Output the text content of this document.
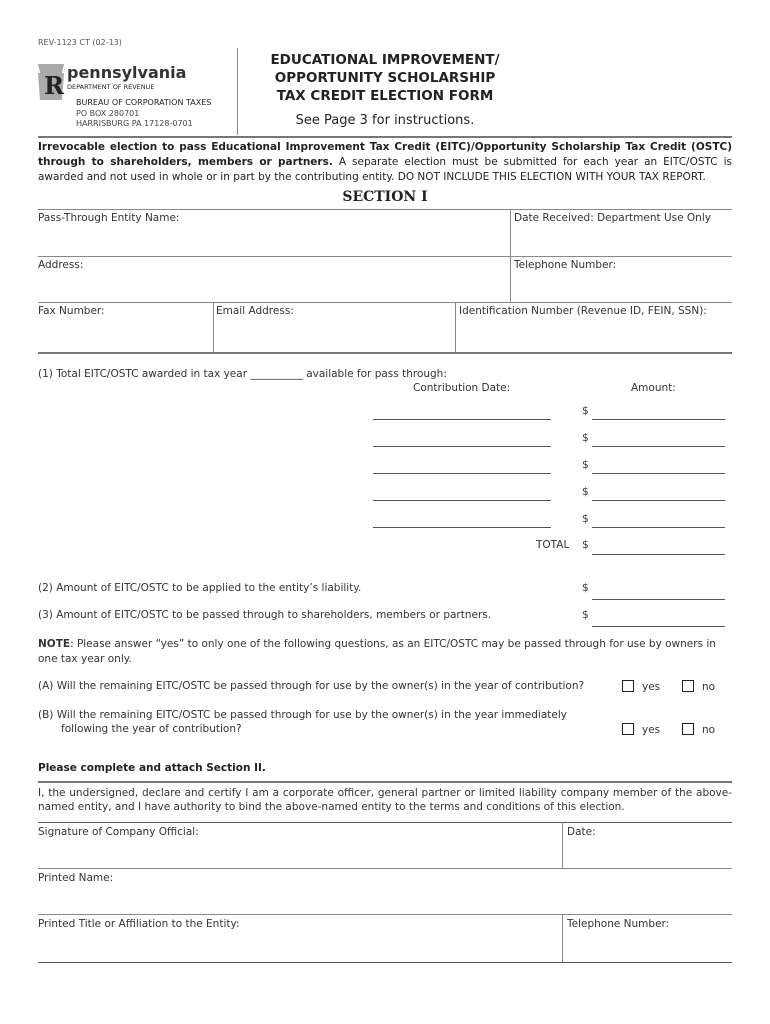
REV-1123 CT (02-13)
R pennsylvania
DEPARTMENT OF REVENUE
BUREAU OF CORPORATION TAXES
PO BOX 280701
HARRISBURG PA 17128-0701
EDUCATIONAL IMPROVEMENT/
OPPORTUNITY SCHOLARSHIP
TAX CREDIT ELECTION FORM
See Page 3 for instructions.
Irrevocable election to pass Educational Improvement Tax Credit (EITC)/Opportunity Scholarship Tax Credit (OSTC) through to shareholders, members or partners. A separate election must be submitted for each year an EITC/OSTC is awarded and not used in whole or in part by the contributing entity. DO NOT INCLUDE THIS ELECTION WITH YOUR TAX REPORT.
SECTION I
Pass-Through Entity Name:	Date Received: Department Use Only
Address:	Telephone Number:
Fax Number:	Email Address:	Identification Number (Revenue ID, FEIN, SSN):
(1) Total EITC/OSTC awarded in tax year __________ available for pass through:
Contribution Date:	Amount:
$
$
$
$
$
TOTAL $
(2) Amount of EITC/OSTC to be applied to the entity’s liability.	$
(3) Amount of EITC/OSTC to be passed through to shareholders, members or partners.	$
NOTE: Please answer “yes” to only one of the following questions, as an EITC/OSTC may be passed through for use by owners in one tax year only.
(A) Will the remaining EITC/OSTC be passed through for use by the owner(s) in the year of contribution?	yes	no
(B) Will the remaining EITC/OSTC be passed through for use by the owner(s) in the year immediately
following the year of contribution?	yes	no
Please complete and attach Section II.
I, the undersigned, declare and certify I am a corporate officer, general partner or limited liability company member of the above-named entity, and I have authority to bind the above-named entity to the terms and conditions of this election.
Signature of Company Official:	Date:
Printed Name:
Printed Title or Affiliation to the Entity:	Telephone Number:
